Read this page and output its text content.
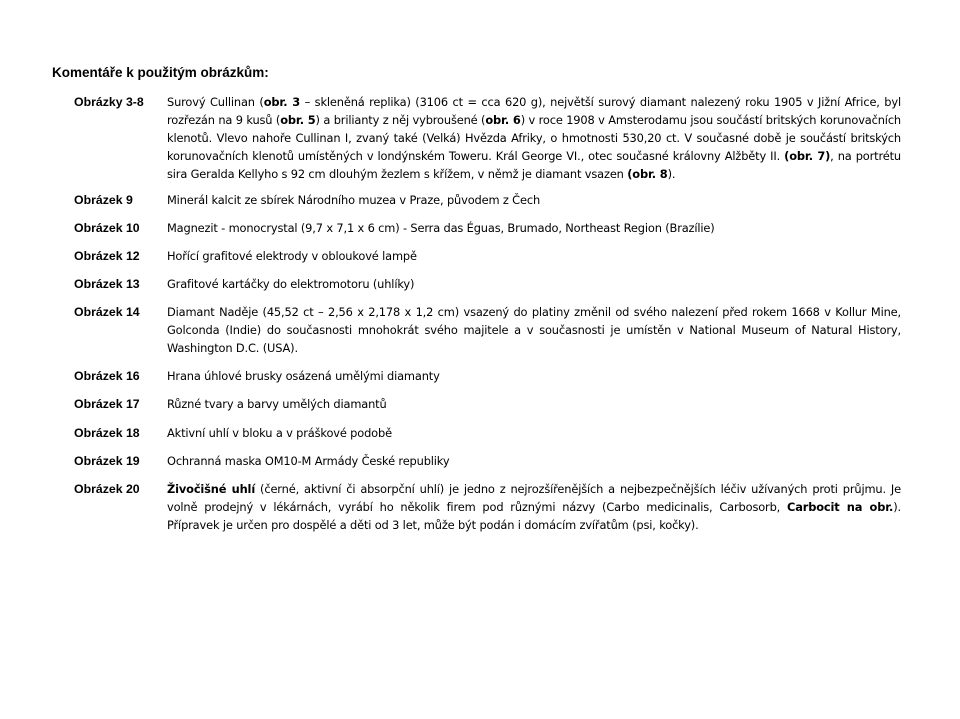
Komentáře k použitým obrázkům:
Obrázky 3-8	Surový Cullinan (obr. 3 – skleněná replika) (3106 ct = cca 620 g), největší surový diamant nalezený roku 1905 v Jižní Africe, byl rozřezán na 9 kusů (obr. 5) a brilianty z něj vybroušené (obr. 6) v roce 1908 v Amsterodamu jsou součástí britských korunovačních klenotů. Vlevo nahoře Cullinan I, zvaný také (Velká) Hvězda Afriky, o hmotnosti 530,20 ct. V současné době je součástí britských korunovačních klenotů umístěných v londýnském Toweru. Král George VI., otec současné královny Alžběty II. (obr. 7), na portrétu sira Geralda Kellyho s 92 cm dlouhým žezlem s křížem, v němž je diamant vsazen (obr. 8).
Obrázek 9	Minerál kalcit ze sbírek Národního muzea v Praze, původem z Čech
Obrázek 10	Magnezit - monocrystal (9,7 x 7,1 x 6 cm) - Serra das Éguas, Brumado, Northeast Region (Brazílie)
Obrázek 12	Hořící grafitové elektrody v obloukové lampě
Obrázek 13	Grafitové kartáčky do elektromotoru (uhlíky)
Obrázek 14	Diamant Naděje (45,52 ct – 2,56 x 2,178 x 1,2 cm) vsazený do platiny změnil od svého nalezení před rokem 1668 v Kollur Mine, Golconda (Indie) do současnosti mnohokrát svého majitele a v současnosti je umístěn v National Museum of Natural History, Washington D.C. (USA).
Obrázek 16	Hrana úhlové brusky osázená umělými diamanty
Obrázek 17	Různé tvary a barvy umělých diamantů
Obrázek 18	Aktivní uhlí v bloku a v práškové podobě
Obrázek 19	Ochranná maska OM10-M Armády České republiky
Obrázek 20	Živočišné uhlí (černé, aktivní či absorpční uhlí) je jedno z nejrozšířenějších a nejbezpečnějších léčiv užívaných proti průjmu. Je volně prodejný v lékárnách, vyrábí ho několik firem pod různými názvy (Carbo medicinalis, Carbosorb, Carbocit na obr.). Přípravek je určen pro dospělé a děti od 3 let, může být podán i domácím zvířatům (psi, kočky).
